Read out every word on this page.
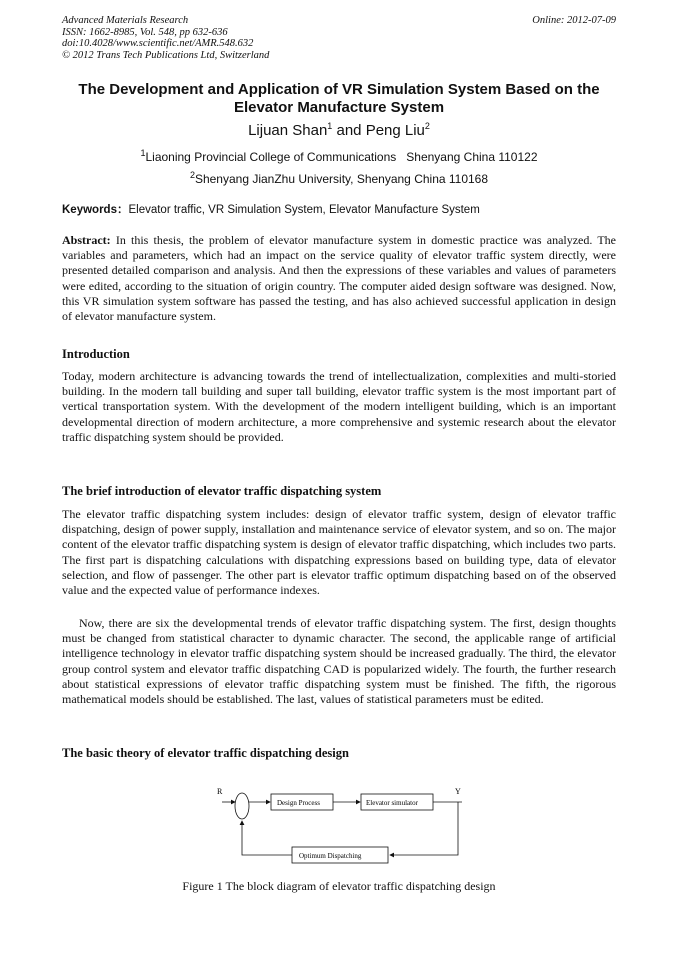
Advanced Materials Research
ISSN: 1662-8985, Vol. 548, pp 632-636
doi:10.4028/www.scientific.net/AMR.548.632
© 2012 Trans Tech Publications Ltd, Switzerland
Online: 2012-07-09
The Development and Application of VR Simulation System Based on the Elevator Manufacture System
Lijuan Shan$^1$ and Peng Liu$^2$
$^1$Liaoning Provincial College of Communications   Shenyang China 110122
$^2$Shenyang JianZhu University, Shenyang China 110168
Keywords：Elevator traffic, VR Simulation System, Elevator Manufacture System
Abstract: In this thesis, the problem of elevator manufacture system in domestic practice was analyzed. The variables and parameters, which had an impact on the service quality of elevator traffic system directly, were presented detailed comparison and analysis. And then the expressions of these variables and values of parameters were edited, according to the situation of origin country. The computer aided design software was designed. Now, this VR simulation system software has passed the testing, and has also achieved successful application in design of elevator manufacture system.
Introduction
Today, modern architecture is advancing towards the trend of intellectualization, complexities and multi-storied building. In the modern tall building and super tall building, elevator traffic system is the most important part of vertical transportation system. With the development of the modern intelligent building, which is an important developmental direction of modern architecture, a more comprehensive and systemic research about the elevator traffic dispatching system should be provided.
The brief introduction of elevator traffic dispatching system
The elevator traffic dispatching system includes: design of elevator traffic system, design of elevator traffic dispatching, design of power supply, installation and maintenance service of elevator system, and so on. The major content of the elevator traffic dispatching system is design of elevator traffic dispatching, which includes two parts. The first part is dispatching calculations with dispatching expressions based on building type, data of elevator selection, and flow of passenger. The other part is elevator traffic optimum dispatching based on of the observed value and the expected value of performance indexes.
Now, there are six the developmental trends of elevator traffic dispatching system. The first, design thoughts must be changed from statistical character to dynamic character. The second, the applicable range of artificial intelligence technology in elevator traffic dispatching system should be increased gradually. The third, the elevator group control system and elevator traffic dispatching CAD is popularized widely. The fourth, the further research about statistical expressions of elevator traffic dispatching system must be finished. The fifth, the rigorous mathematical models should be established. The last, values of statistical parameters must be edited.
The basic theory of elevator traffic dispatching design
R
Design Process	Elevator simulator
Y
Optimum Dispatching
Figure 1 The block diagram of elevator traffic dispatching design
